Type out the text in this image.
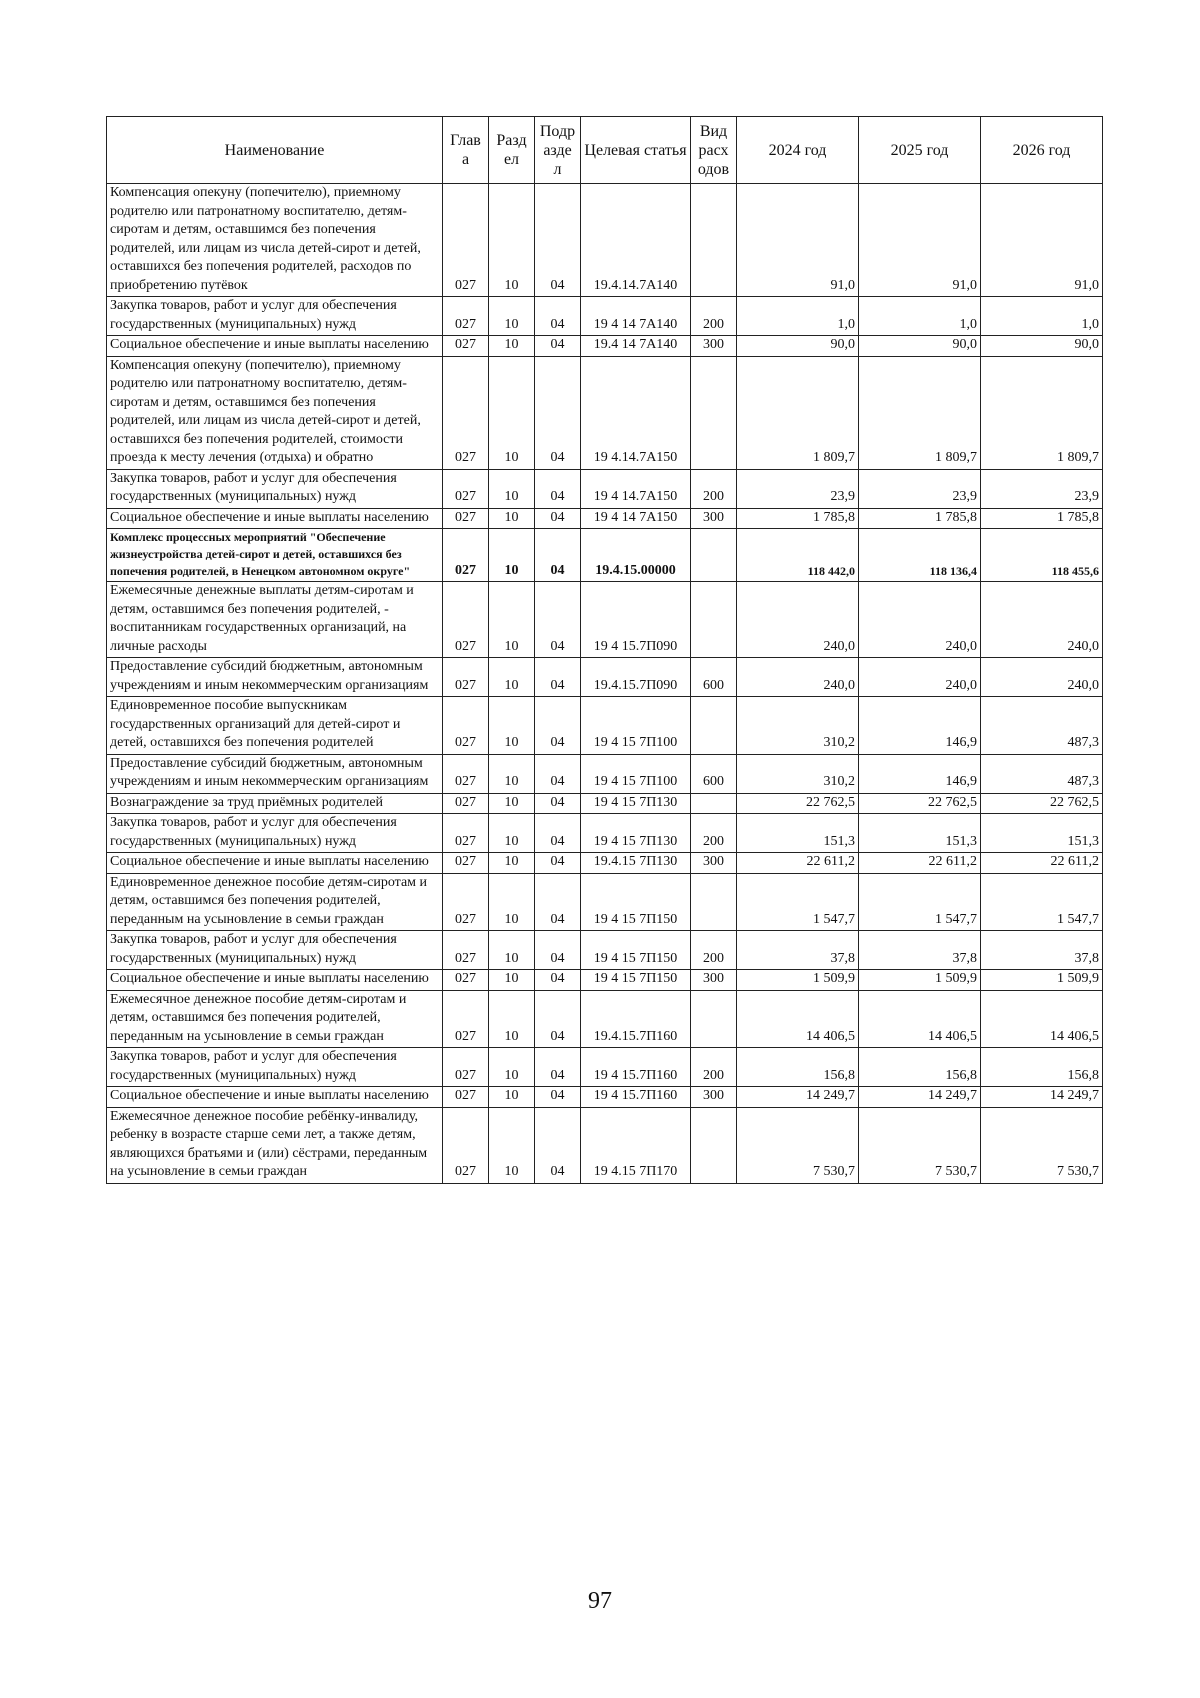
Наименование	Глав а	Разд ел	Подр азде л	Целевая статья	Вид расх одов	2024 год	2025 год	2026 год
Компенсация опекуну (попечителю), приемному родителю или патронатному воспитателю, детям-сиротам и детям, оставшимся без попечения родителей, или лицам из числа детей-сирот и детей, оставшихся без попечения родителей, расходов по приобретению путёвок	027	10	04	19.4.14.7А140		91,0	91,0	91,0
Закупка товаров, работ и услуг для обеспечения государственных (муниципальных) нужд	027	10	04	19 4 14 7А140	200	1,0	1,0	1,0
Социальное обеспечение и иные выплаты населению	027	10	04	19.4 14 7А140	300	90,0	90,0	90,0
Компенсация опекуну (попечителю), приемному родителю или патронатному воспитателю, детям-сиротам и детям, оставшимся без попечения родителей, или лицам из числа детей-сирот и детей, оставшихся без попечения родителей, стоимости проезда к месту лечения (отдыха) и обратно	027	10	04	19 4.14.7А150		1 809,7	1 809,7	1 809,7
Закупка товаров, работ и услуг для обеспечения государственных (муниципальных) нужд	027	10	04	19 4 14.7А150	200	23,9	23,9	23,9
Социальное обеспечение и иные выплаты населению	027	10	04	19 4 14 7А150	300	1 785,8	1 785,8	1 785,8
Комплекс процессных мероприятий "Обеспечение жизнеустройства детей-сирот и детей, оставшихся без попечения родителей, в Ненецком автономном округе"	027	10	04	19.4.15.00000		118 442,0	118 136,4	118 455,6
Ежемесячные денежные выплаты детям-сиротам и детям, оставшимся без попечения родителей, - воспитанникам государственных организаций, на личные расходы	027	10	04	19 4 15.7П090		240,0	240,0	240,0
Предоставление субсидий бюджетным, автономным учреждениям и иным некоммерческим организациям	027	10	04	19.4.15.7П090	600	240,0	240,0	240,0
Единовременное пособие выпускникам государственных организаций для детей-сирот и детей, оставшихся без попечения родителей	027	10	04	19 4 15 7П100		310,2	146,9	487,3
Предоставление субсидий бюджетным, автономным учреждениям и иным некоммерческим организациям	027	10	04	19 4 15 7П100	600	310,2	146,9	487,3
Вознаграждение за труд приёмных родителей	027	10	04	19 4 15 7П130		22 762,5	22 762,5	22 762,5
Закупка товаров, работ и услуг для обеспечения государственных (муниципальных) нужд	027	10	04	19 4 15 7П130	200	151,3	151,3	151,3
Социальное обеспечение и иные выплаты населению	027	10	04	19.4.15 7П130	300	22 611,2	22 611,2	22 611,2
Единовременное денежное пособие детям-сиротам и детям, оставшимся без попечения родителей, переданным на усыновление в семьи граждан	027	10	04	19 4 15 7П150		1 547,7	1 547,7	1 547,7
Закупка товаров, работ и услуг для обеспечения государственных (муниципальных) нужд	027	10	04	19 4 15 7П150	200	37,8	37,8	37,8
Социальное обеспечение и иные выплаты населению	027	10	04	19 4 15 7П150	300	1 509,9	1 509,9	1 509,9
Ежемесячное денежное пособие детям-сиротам и детям, оставшимся без попечения родителей, переданным на усыновление в семьи граждан	027	10	04	19.4.15.7П160		14 406,5	14 406,5	14 406,5
Закупка товаров, работ и услуг для обеспечения государственных (муниципальных) нужд	027	10	04	19 4 15.7П160	200	156,8	156,8	156,8
Социальное обеспечение и иные выплаты населению	027	10	04	19 4 15.7П160	300	14 249,7	14 249,7	14 249,7
Ежемесячное денежное пособие ребёнку-инвалиду, ребенку в возрасте старше семи лет, а также детям, являющихся братьями и (или) сёстрами, переданным на усыновление в семьи граждан	027	10	04	19 4.15 7П170		7 530,7	7 530,7	7 530,7
97
